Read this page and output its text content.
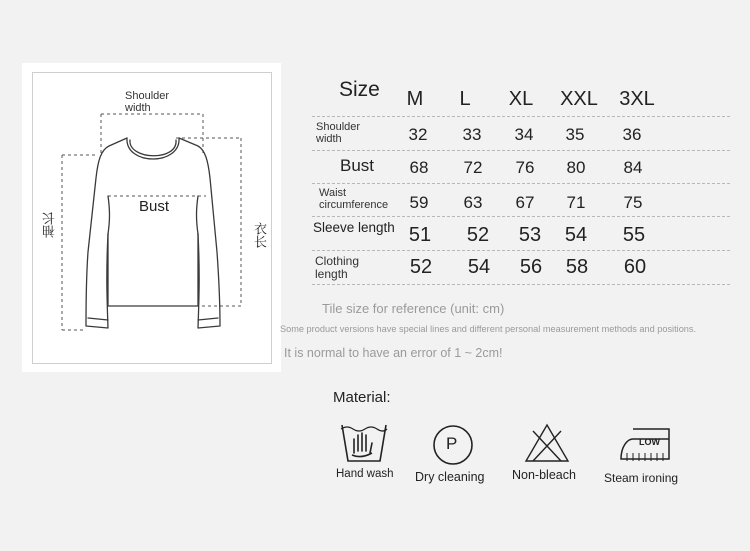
Shoulder
width
Bust
袖长	衣长
Size M L XL XXL 3XL
Shoulder
width	32 33 34 35 36
Bust 68 72 76 80 84
Waist
circumference 59 63 67 71 75
Sleeve length 51 52 53 54 55
Clothing
length	52 54 56 58 60
Tile size for reference (unit: cm)
Some product versions have special lines and different personal measurement methods and positions.
It is normal to have an error of 1 ~ 2cm!
Material:
Hand wash
P
Dry cleaning Non-bleach
LOW
Steam ironing
